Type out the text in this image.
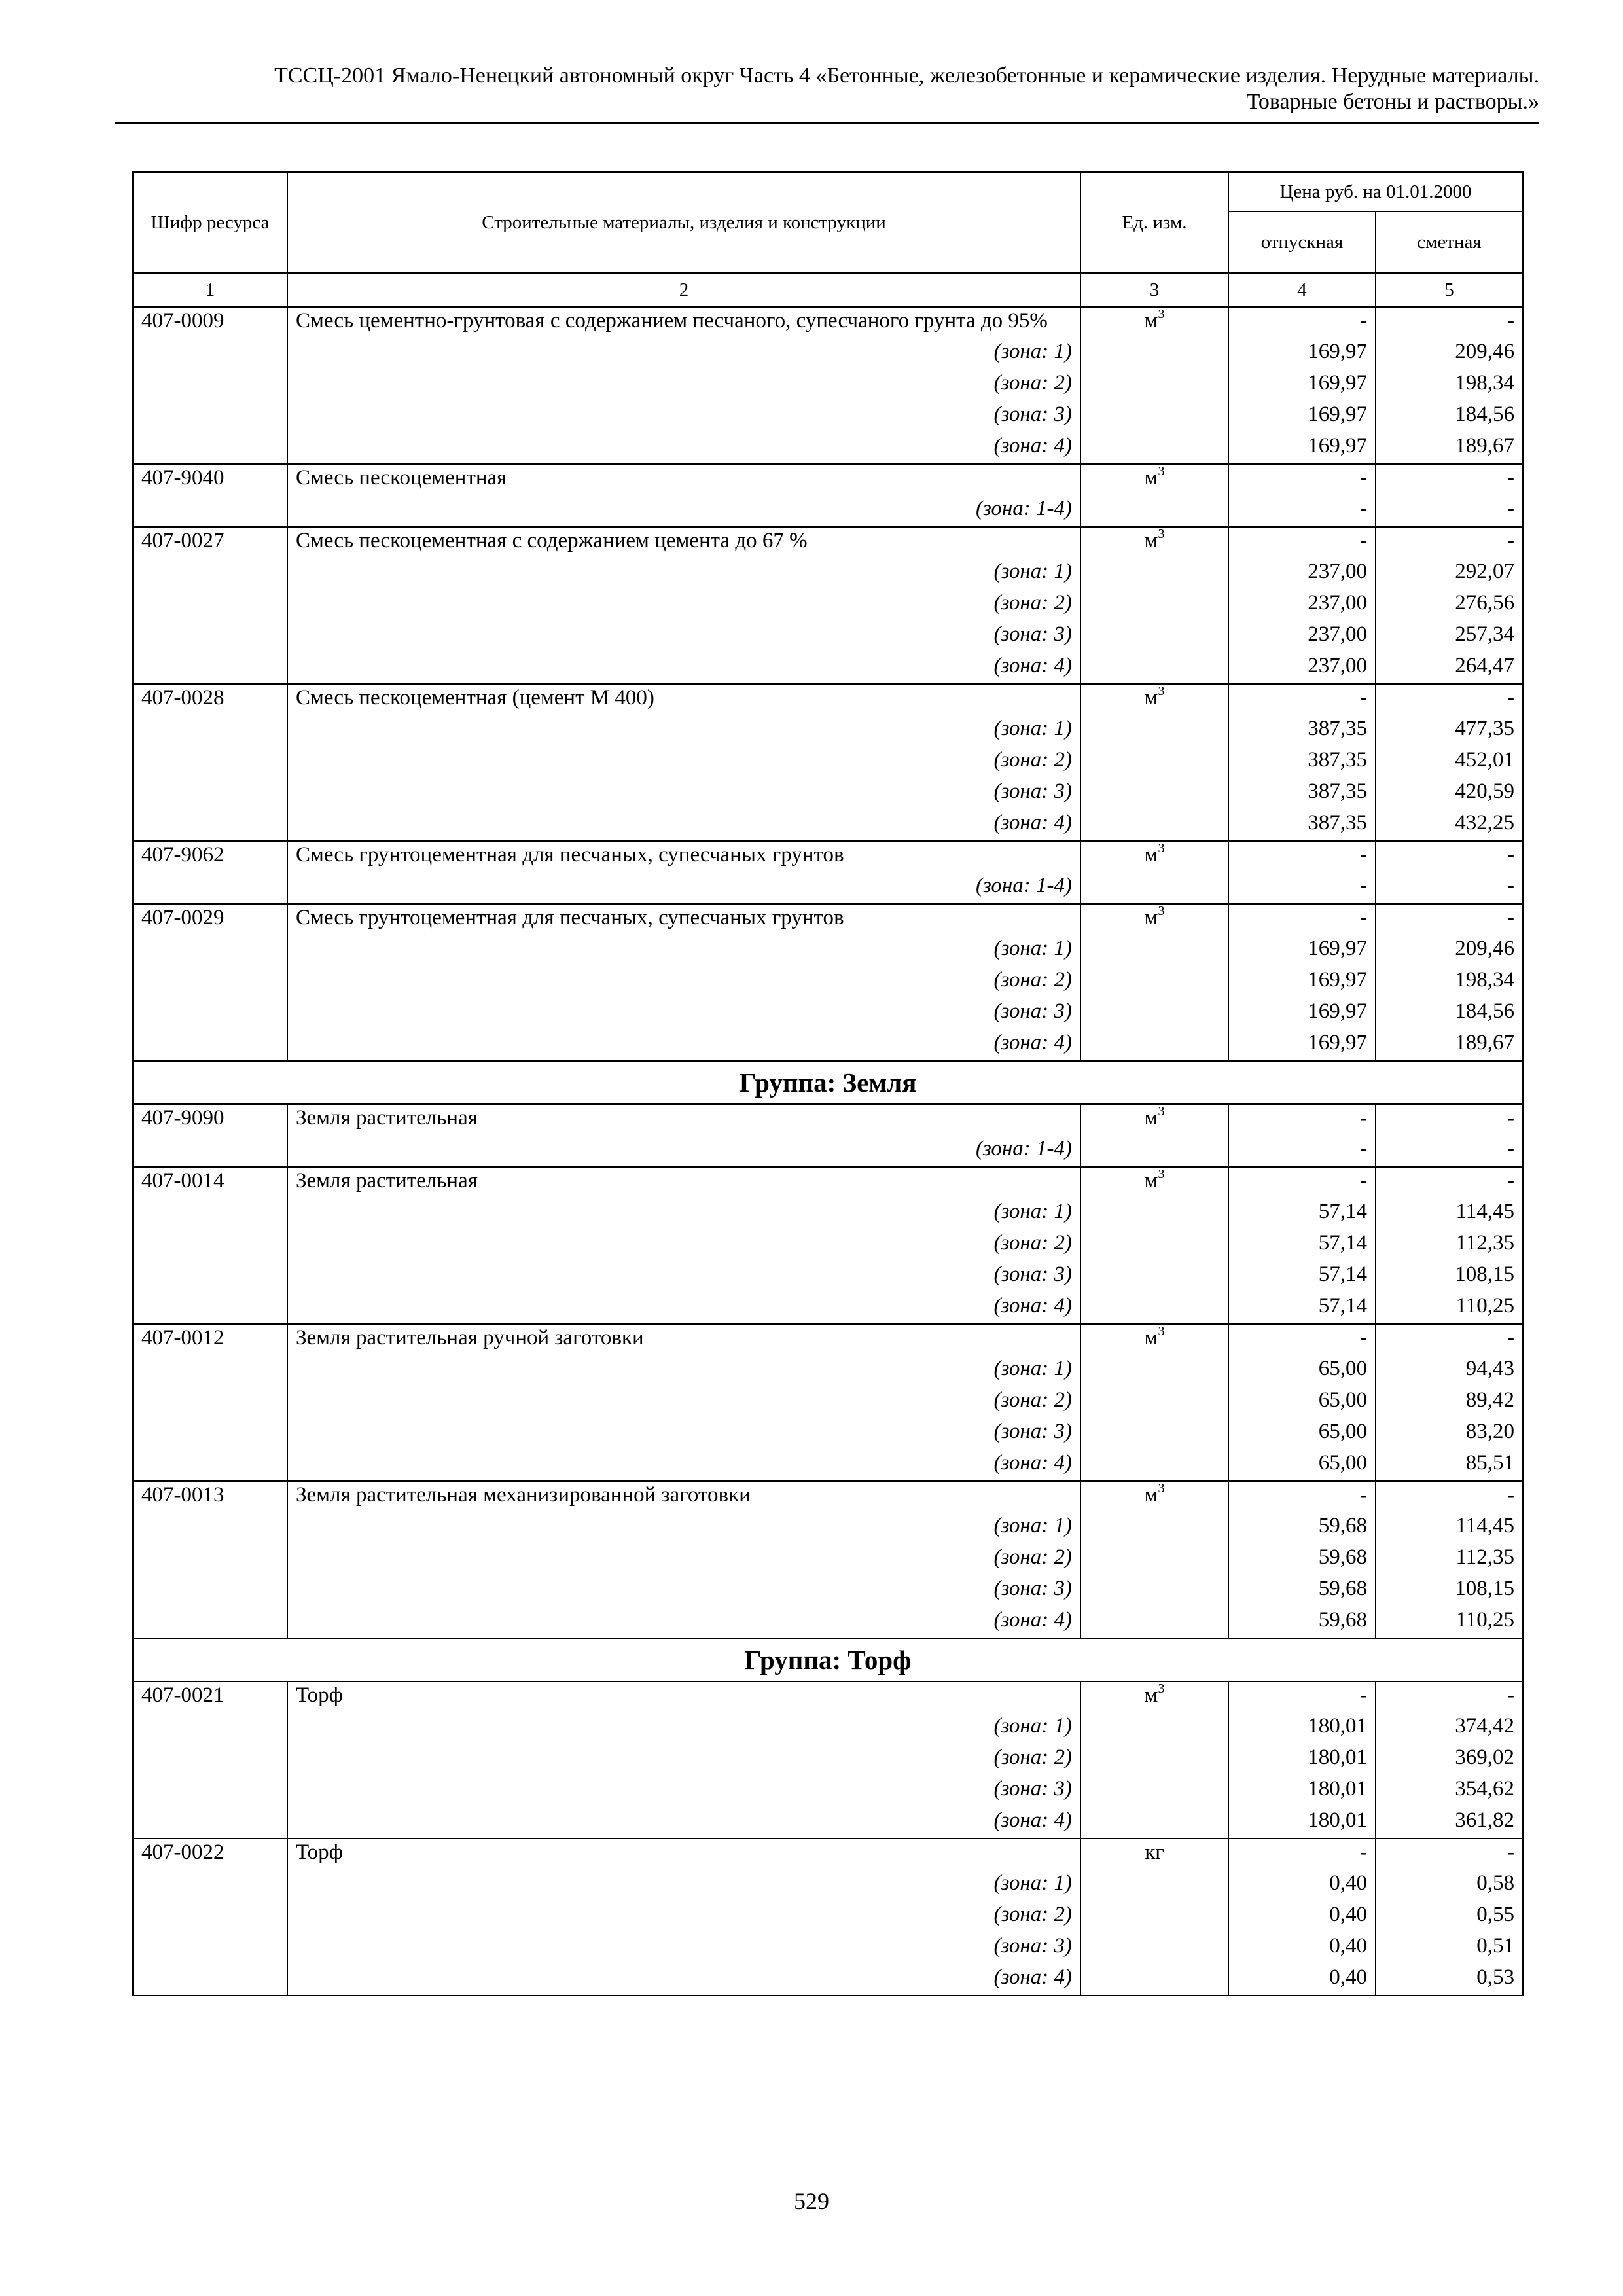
ТССЦ-2001 Ямало-Ненецкий автономный округ Часть 4 «Бетонные, железобетонные и керамические изделия. Нерудные материалы.
Товарные бетоны и растворы.»
Шифр ресурса	Строительные материалы, изделия и конструкции	Ед. изм.	Цена руб. на 01.01.2000	
			отпускная	сметная
1	2	3	4	5
407-0009	Смесь цементно-грунтовая с содержанием песчаного, супесчаного грунта до 95%	$м^3$	-	-
	(зона: 1)		169,97	209,46
	(зона: 2)		169,97	198,34
	(зона: 3)		169,97	184,56
	(зона: 4)		169,97	189,67
407-9040	Смесь пескоцементная	$м^3$	-	-
	(зона: 1-4)		-	-
407-0027	Смесь пескоцементная с содержанием цемента до 67 %	$м^3$	-	-
	(зона: 1)		237,00	292,07
	(зона: 2)		237,00	276,56
	(зона: 3)		237,00	257,34
	(зона: 4)		237,00	264,47
407-0028	Смесь пескоцементная (цемент М 400)	$м^3$	-	-
	(зона: 1)		387,35	477,35
	(зона: 2)		387,35	452,01
	(зона: 3)		387,35	420,59
	(зона: 4)		387,35	432,25
407-9062	Смесь грунтоцементная для песчаных, супесчаных грунтов	$м^3$	-	-
	(зона: 1-4)		-	-
407-0029	Смесь грунтоцементная для песчаных, супесчаных грунтов	$м^3$	-	-
	(зона: 1)		169,97	209,46
	(зона: 2)		169,97	198,34
	(зона: 3)		169,97	184,56
	(зона: 4)		169,97	189,67
Группа: Земля				
407-9090	Земля растительная	$м^3$	-	-
	(зона: 1-4)		-	-
407-0014	Земля растительная	$м^3$	-	-
	(зона: 1)		57,14	114,45
	(зона: 2)		57,14	112,35
	(зона: 3)		57,14	108,15
	(зона: 4)		57,14	110,25
407-0012	Земля растительная ручной заготовки	$м^3$	-	-
	(зона: 1)		65,00	94,43
	(зона: 2)		65,00	89,42
	(зона: 3)		65,00	83,20
	(зона: 4)		65,00	85,51
407-0013	Земля растительная механизированной заготовки	$м^3$	-	-
	(зона: 1)		59,68	114,45
	(зона: 2)		59,68	112,35
	(зона: 3)		59,68	108,15
	(зона: 4)		59,68	110,25
Группа: Торф				
407-0021	Торф	$м^3$	-	-
	(зона: 1)		180,01	374,42
	(зона: 2)		180,01	369,02
	(зона: 3)		180,01	354,62
	(зона: 4)		180,01	361,82
407-0022	Торф	кг	-	-
	(зона: 1)		0,40	0,58
	(зона: 2)		0,40	0,55
	(зона: 3)		0,40	0,51
	(зона: 4)		0,40	0,53
529
